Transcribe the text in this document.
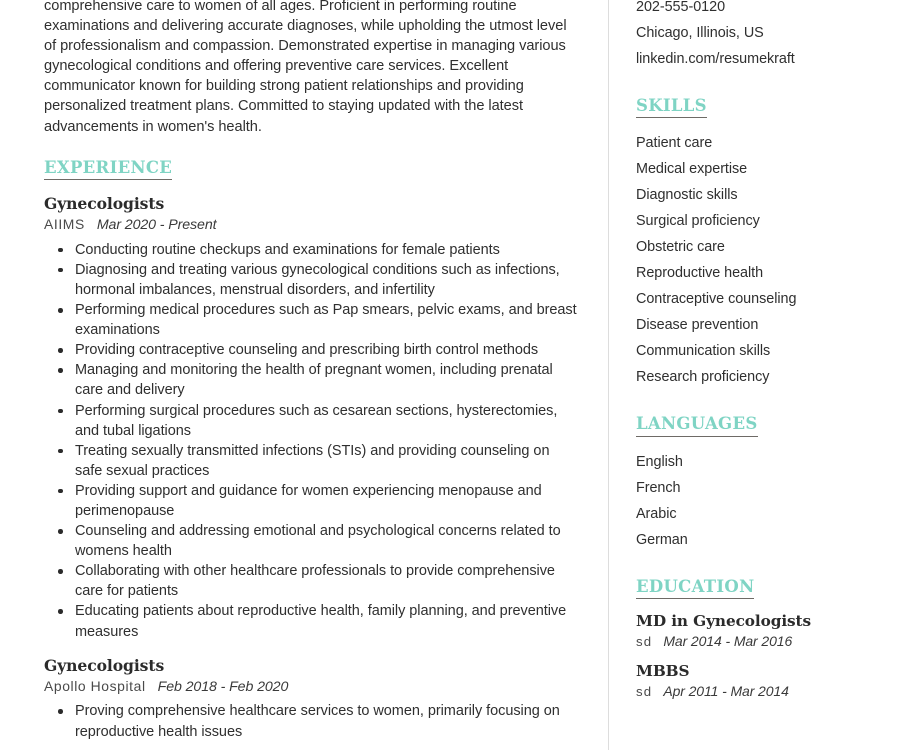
comprehensive care to women of all ages. Proficient in performing routine examinations and delivering accurate diagnoses, while upholding the utmost level of professionalism and compassion. Demonstrated expertise in managing various gynecological conditions and offering preventive care services. Excellent communicator known for building strong patient relationships and providing personalized treatment plans. Committed to staying updated with the latest advancements in women's health.

EXPERIENCE
Gynecologists
AIIMS Mar 2020 - Present
Conducting routine checkups and examinations for female patients
Diagnosing and treating various gynecological conditions such as infections, hormonal imbalances, menstrual disorders, and infertility
Performing medical procedures such as Pap smears, pelvic exams, and breast examinations
Providing contraceptive counseling and prescribing birth control methods
Managing and monitoring the health of pregnant women, including prenatal care and delivery
Performing surgical procedures such as cesarean sections, hysterectomies, and tubal ligations
Treating sexually transmitted infections (STIs) and providing counseling on safe sexual practices
Providing support and guidance for women experiencing menopause and perimenopause
Counseling and addressing emotional and psychological concerns related to womens health
Collaborating with other healthcare professionals to provide comprehensive care for patients
Educating patients about reproductive health, family planning, and preventive measures
Gynecologists
Apollo Hospital Feb 2018 - Feb 2020
Proving comprehensive healthcare services to women, primarily focusing on reproductive health issues
202-555-0120
Chicago, Illinois, US
linkedin.com/resumekraft
SKILLS
Patient care
Medical expertise
Diagnostic skills
Surgical proficiency
Obstetric care
Reproductive health
Contraceptive counseling
Disease prevention
Communication skills
Research proficiency
LANGUAGES
English
French
Arabic
German
EDUCATION
MD in Gynecologists
sd Mar 2014 - Mar 2016
MBBS
sd Apr 2011 - Mar 2014
